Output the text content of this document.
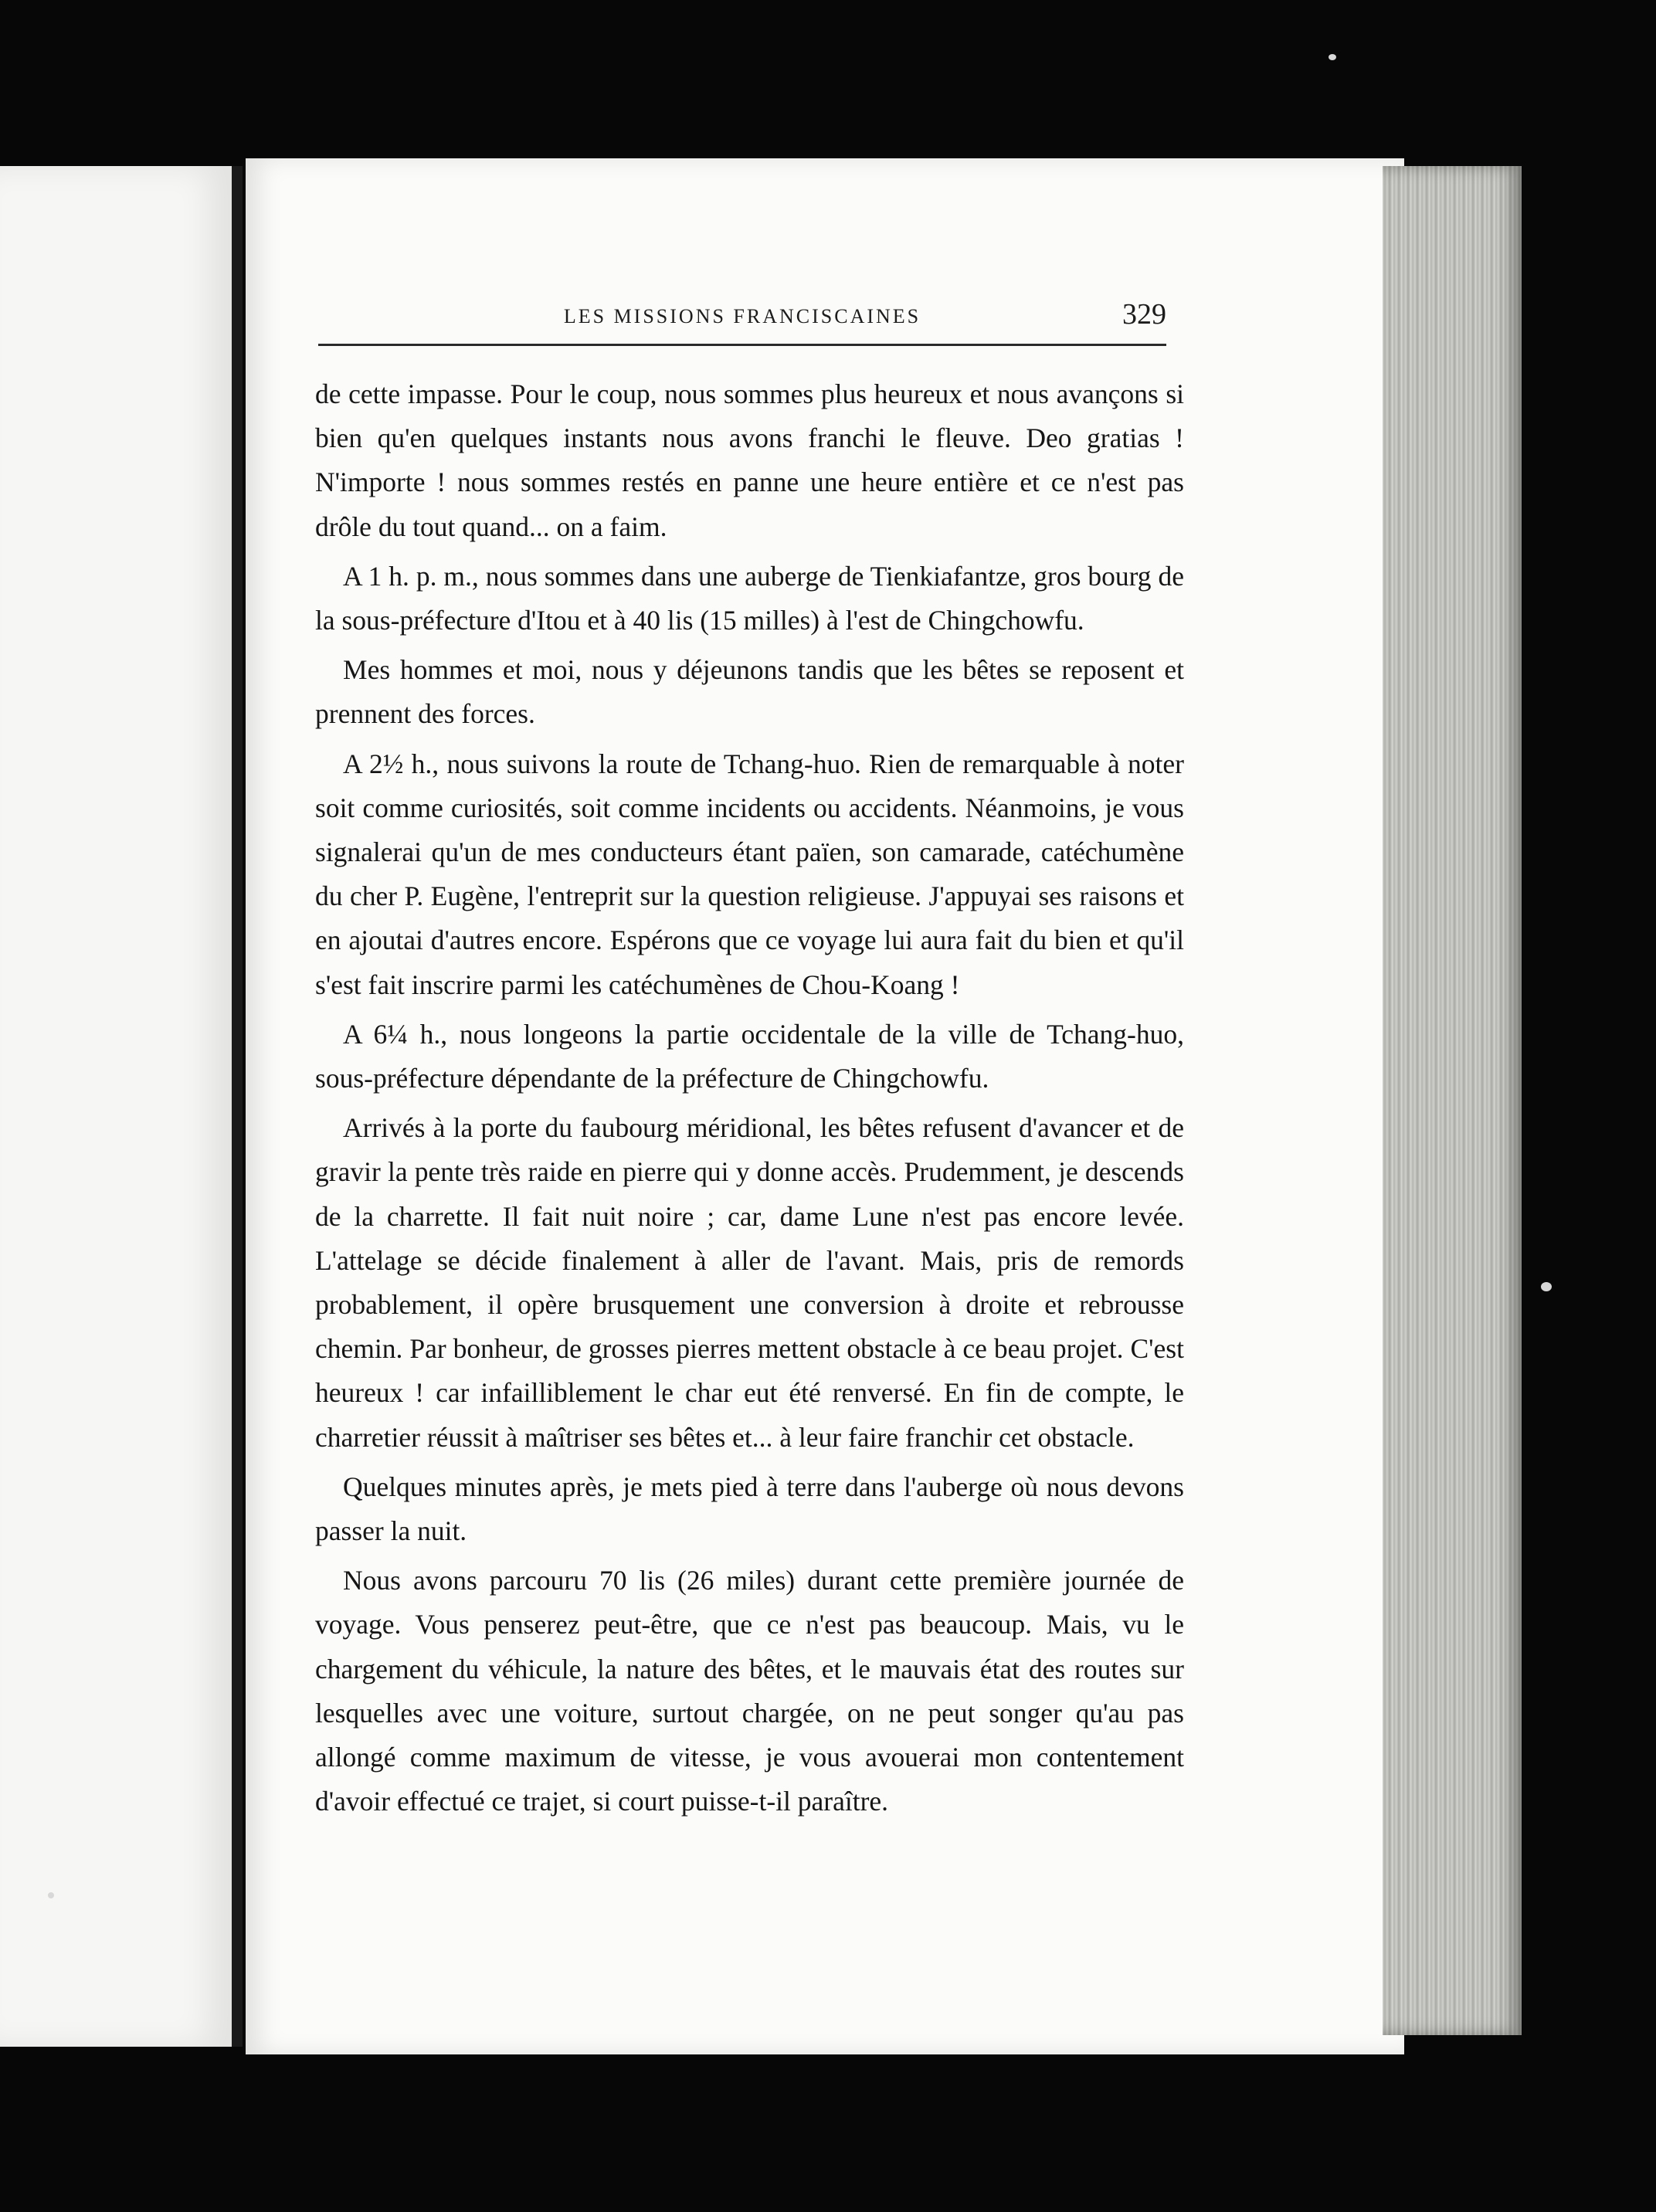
LES MISSIONS FRANCISCAINES	329

de cette impasse. Pour le coup, nous sommes plus heureux et nous avançons si bien qu'en quelques instants nous avons franchi le fleuve. Deo gratias ! N'importe ! nous sommes restés en panne une heure entière et ce n'est pas drôle du tout quand... on a faim.

A 1 h. p. m., nous sommes dans une auberge de Tienkiafantze, gros bourg de la sous-préfecture d'Itou et à 40 lis (15 milles) à l'est de Chingchowfu.

Mes hommes et moi, nous y déjeunons tandis que les bêtes se reposent et prennent des forces.

A 2½ h., nous suivons la route de Tchang-huo. Rien de remarquable à noter soit comme curiosités, soit comme incidents ou accidents. Néanmoins, je vous signalerai qu'un de mes conducteurs étant païen, son camarade, catéchumène du cher P. Eugène, l'entreprit sur la question religieuse. J'appuyai ses raisons et en ajoutai d'autres encore. Espérons que ce voyage lui aura fait du bien et qu'il s'est fait inscrire parmi les catéchumènes de Chou-Koang !

A 6¼ h., nous longeons la partie occidentale de la ville de Tchang-huo, sous-préfecture dépendante de la préfecture de Chingchowfu.

Arrivés à la porte du faubourg méridional, les bêtes refusent d'avancer et de gravir la pente très raide en pierre qui y donne accès. Prudemment, je descends de la charrette. Il fait nuit noire ; car, dame Lune n'est pas encore levée. L'attelage se décide finalement à aller de l'avant. Mais, pris de remords probablement, il opère brusquement une conversion à droite et rebrousse chemin. Par bonheur, de grosses pierres mettent obstacle à ce beau projet. C'est heureux ! car infailliblement le char eut été renversé. En fin de compte, le charretier réussit à maîtriser ses bêtes et... à leur faire franchir cet obstacle.

Quelques minutes après, je mets pied à terre dans l'auberge où nous devons passer la nuit.

Nous avons parcouru 70 lis (26 miles) durant cette première journée de voyage. Vous penserez peut-être, que ce n'est pas beaucoup. Mais, vu le chargement du véhicule, la nature des bêtes, et le mauvais état des routes sur lesquelles avec une voiture, surtout chargée, on ne peut songer qu'au pas allongé comme maximum de vitesse, je vous avouerai mon contentement d'avoir effectué ce trajet, si court puisse-t-il paraître.
